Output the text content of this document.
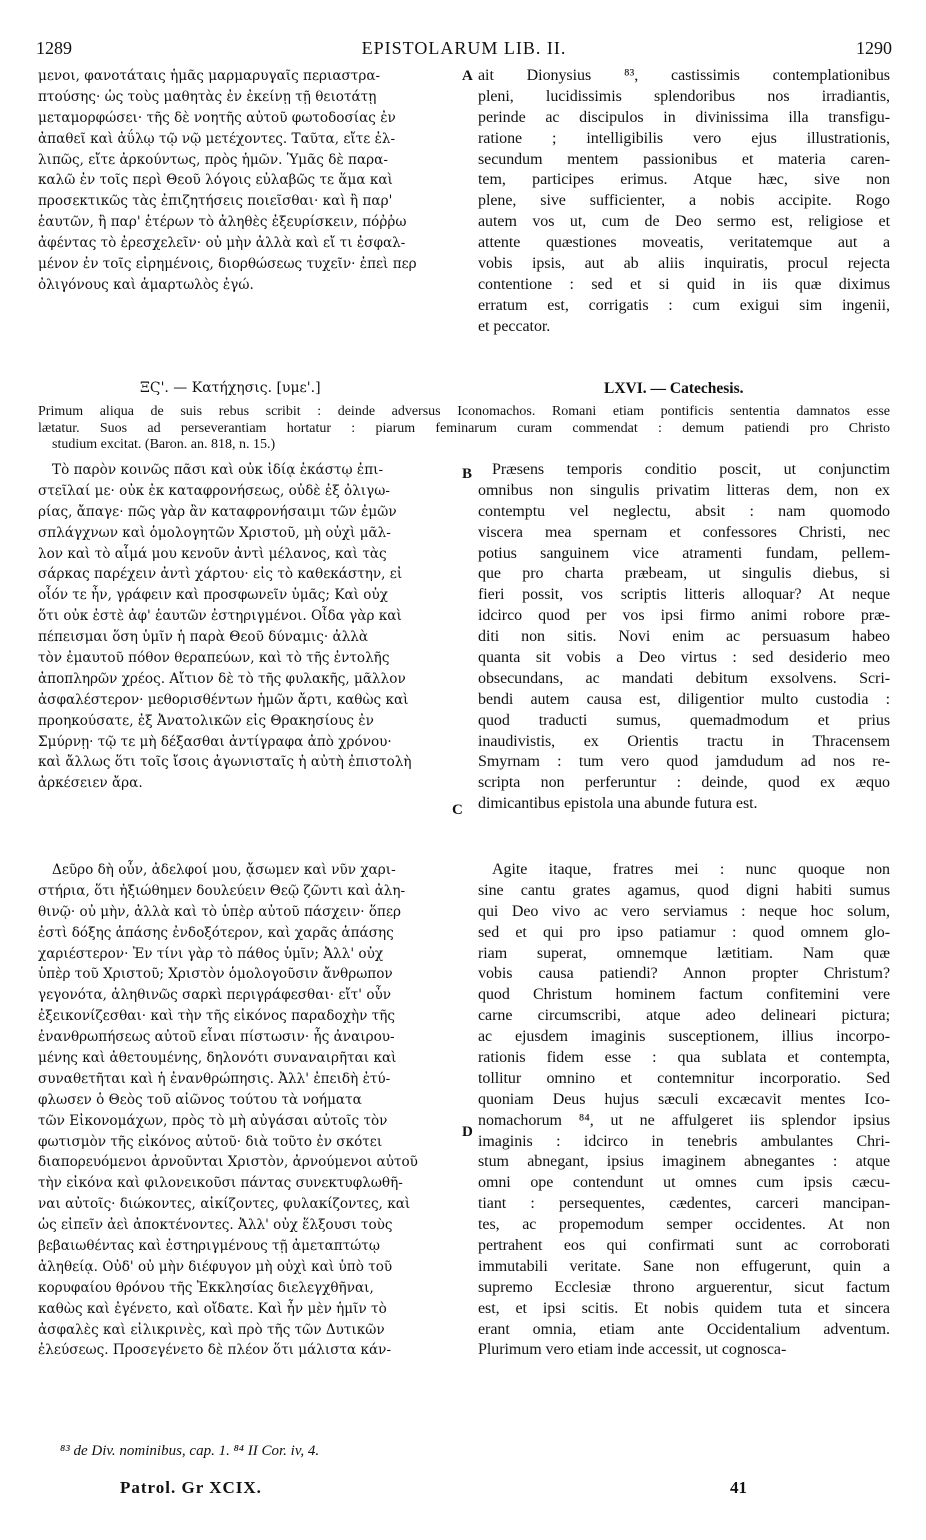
1289	EPISTOLARUM LIB. II.	1290
μενοι, φανοτάταις ἡμᾶς μαρμαρυγαῖς περιαστρα-
πτούσης· ὡς τοὺς μαθητὰς ἐν ἐκείνῃ τῇ θειοτάτῃ
μεταμορφώσει· τῆς δὲ νοητῆς αὐτοῦ φωτοδοσίας ἐν
ἀπαθεῖ καὶ ἀΰλῳ τῷ νῷ μετέχοντες. Ταῦτα, εἴτε ἐλ-
λιπῶς, εἴτε ἀρκούντως, πρὸς ἡμῶν. Ὑμᾶς δὲ παρα-
καλῶ ἐν τοῖς περὶ Θεοῦ λόγοις εὐλαβῶς τε ἅμα καὶ
προσεκτικῶς τὰς ἐπιζητήσεις ποιεῖσθαι· καὶ ἢ παρ'
ἑαυτῶν, ἢ παρ' ἑτέρων τὸ ἀληθὲς ἐξευρίσκειν, πόῤῥω
ἀφέντας τὸ ἐρεσχελεῖν· οὐ μὴν ἀλλὰ καὶ εἴ τι ἐσφαλ-
μένον ἐν τοῖς εἰρημένοις, διορθώσεως τυχεῖν· ἐπεὶ περ
ὀλιγόνους καὶ ἁμαρτωλὸς ἐγώ.
ait Dionysius ⁸³, castissimis contemplationibus
pleni, lucidissimis splendoribus nos irradiantis,
perinde ac discipulos in divinissima illa transfigu-
ratione ; intelligibilis vero ejus illustrationis,
secundum mentem passionibus et materia caren-
tem, participes erimus. Atque hæc, sive non
plene, sive sufficienter, a nobis accipite. Rogo
autem vos ut, cum de Deo sermo est, religiose et
attente quæstiones moveatis, veritatemque aut a
vobis ipsis, aut ab aliis inquiratis, procul rejecta
contentione : sed et si quid in iis quæ diximus
erratum est, corrigatis : cum exigui sim ingenii,
et peccator.
A
ΞϚ'. — Κατήχησις. [υμε'.]	LXVI. — Catechesis.
Primum aliqua de suis rebus scribit : deinde adversus Iconomachos. Romani etiam pontificis sententia damnatos esse
lætatur. Suos ad perseverantiam hortatur : piarum feminarum curam commendat : demum patiendi pro Christo
studium excitat. (Baron. an. 818, n. 15.)
Τὸ παρὸν κοινῶς πᾶσι καὶ οὐκ ἰδίᾳ ἑκάστῳ ἐπι-
στεῖλαί με· οὐκ ἐκ καταφρονήσεως, οὐδὲ ἐξ ὀλιγω-
ρίας, ἄπαγε· πῶς γὰρ ἂν καταφρονήσαιμι τῶν ἐμῶν
σπλάγχνων καὶ ὁμολογητῶν Χριστοῦ, μὴ οὐχὶ μᾶλ-
λον καὶ τὸ αἷμά μου κενοῦν ἀντὶ μέλανος, καὶ τὰς
σάρκας παρέχειν ἀντὶ χάρτου· εἰς τὸ καθεκάστην, εἰ
οἷόν τε ἦν, γράφειν καὶ προσφωνεῖν ὑμᾶς; Καὶ οὐχ
ὅτι οὐκ ἐστὲ ἀφ' ἑαυτῶν ἐστηριγμένοι. Οἶδα γὰρ καὶ
πέπεισμαι ὅση ὑμῖν ἡ παρὰ Θεοῦ δύναμις· ἀλλὰ
τὸν ἐμαυτοῦ πόθον θεραπεύων, καὶ τὸ τῆς ἐντολῆς
ἀποπληρῶν χρέος. Αἴτιον δὲ τὸ τῆς φυλακῆς, μᾶλλον
ἀσφαλέστερον· μεθορισθέντων ἡμῶν ἄρτι, καθὼς καὶ
προηκούσατε, ἐξ Ἀνατολικῶν εἰς Θρακησίους ἐν
Σμύρνῃ· τῷ τε μὴ δέξασθαι ἀντίγραφα ἀπὸ χρόνου·
καὶ ἄλλως ὅτι τοῖς ἴσοις ἀγωνισταῖς ἡ αὐτὴ ἐπιστολὴ
ἀρκέσειεν ἄρα.
Præsens temporis conditio poscit, ut conjunctim
omnibus non singulis privatim litteras dem, non ex
contemptu vel neglectu, absit : nam quomodo
viscera mea spernam et confessores Christi, nec
potius sanguinem vice atramenti fundam, pellem-
que pro charta præbeam, ut singulis diebus, si
fieri possit, vos scriptis litteris alloquar? At neque
idcirco quod per vos ipsi firmo animi robore præ-
diti non sitis. Novi enim ac persuasum habeo
quanta sit vobis a Deo virtus : sed desiderio meo
obsecundans, ac mandati debitum exsolvens. Scri-
bendi autem causa est, diligentior multo custodia :
quod traducti sumus, quemadmodum et prius
inaudivistis, ex Orientis tractu in Thracensem
Smyrnam : tum vero quod jamdudum ad nos re-
scripta non perferuntur : deinde, quod ex æquo
dimicantibus epistola una abunde futura est.
B
C
Δεῦρο δὴ οὖν, ἀδελφοί μου, ᾄσωμεν καὶ νῦν χαρι-
στήρια, ὅτι ἠξιώθημεν δουλεύειν Θεῷ ζῶντι καὶ ἀλη-
θινῷ· οὐ μὴν, ἀλλὰ καὶ τὸ ὑπὲρ αὐτοῦ πάσχειν· ὅπερ
ἐστὶ δόξης ἁπάσης ἐνδοξότερον, καὶ χαρᾶς ἁπάσης
χαριέστερον· Ἐν τίνι γὰρ τὸ πάθος ὑμῖν; Ἀλλ' οὐχ
ὑπὲρ τοῦ Χριστοῦ; Χριστὸν ὁμολογοῦσιν ἄνθρωπον
γεγονότα, ἀληθινῶς σαρκὶ περιγράφεσθαι· εἴτ' οὖν
ἐξεικονίζεσθαι· καὶ τὴν τῆς εἰκόνος παραδοχὴν τῆς
ἐνανθρωπήσεως αὐτοῦ εἶναι πίστωσιν· ἧς ἀναιρου-
μένης καὶ ἀθετουμένης, δηλονότι συναναιρῆται καὶ
συναθετῆται καὶ ἡ ἐνανθρώπησις. Ἀλλ' ἐπειδὴ ἐτύ-
φλωσεν ὁ Θεὸς τοῦ αἰῶνος τούτου τὰ νοήματα
τῶν Εἰκονομάχων, πρὸς τὸ μὴ αὐγάσαι αὐτοῖς τὸν
φωτισμὸν τῆς εἰκόνος αὐτοῦ· διὰ τοῦτο ἐν σκότει
διαπορευόμενοι ἀρνοῦνται Χριστὸν, ἀρνούμενοι αὐτοῦ
τὴν εἰκόνα καὶ φιλονεικοῦσι πάντας συνεκτυφλωθῆ-
ναι αὐτοῖς· διώκοντες, αἰκίζοντες, φυλακίζοντες, καὶ
ὡς εἰπεῖν ἀεὶ ἀποκτένοντες. Ἀλλ' οὐχ ἕλξουσι τοὺς
βεβαιωθέντας καὶ ἐστηριγμένους τῇ ἀμεταπτώτῳ
ἀληθείᾳ. Οὐδ' οὐ μὴν διέφυγον μὴ οὐχὶ καὶ ὑπὸ τοῦ
κορυφαίου θρόνου τῆς Ἐκκλησίας διελεγχθῆναι,
καθὼς καὶ ἐγένετο, καὶ οἴδατε. Καὶ ἦν μὲν ἡμῖν τὸ
ἀσφαλὲς καὶ εἰλικρινὲς, καὶ πρὸ τῆς τῶν Δυτικῶν
ἐλεύσεως. Προσεγένετο δὲ πλέον ὅτι μάλιστα κάν-
Agite itaque, fratres mei : nunc quoque non
sine cantu grates agamus, quod digni habiti sumus
qui Deo vivo ac vero serviamus : neque hoc solum,
sed et qui pro ipso patiamur : quod omnem glo-
riam superat, omnemque lætitiam. Nam quæ
vobis causa patiendi? Annon propter Christum?
quod Christum hominem factum confitemini vere
carne circumscribi, atque adeo delineari pictura;
ac ejusdem imaginis susceptionem, illius incorpo-
rationis fidem esse : qua sublata et contempta,
tollitur omnino et contemnitur incorporatio. Sed
quoniam Deus hujus sæculi excæcavit mentes Ico-
nomachorum ⁸⁴, ut ne affulgeret iis splendor ipsius
imaginis : idcirco in tenebris ambulantes Chri-
stum abnegant, ipsius imaginem abnegantes : atque
omni ope contendunt ut omnes cum ipsis cæcu-
tiant : persequentes, cædentes, carceri mancipan-
tes, ac propemodum semper occidentes. At non
pertrahent eos qui confirmati sunt ac corroborati
immutabili veritate. Sane non effugerunt, quin a
supremo Ecclesiæ throno arguerentur, sicut factum
est, et ipsi scitis. Et nobis quidem tuta et sincera
erant omnia, etiam ante Occidentalium adventum.
Plurimum vero etiam inde accessit, ut cognosca-
D
⁸³ de Div. nominibus, cap. 1. ⁸⁴ II Cor. iv, 4.
Patrol. Gr XCIX.	41
